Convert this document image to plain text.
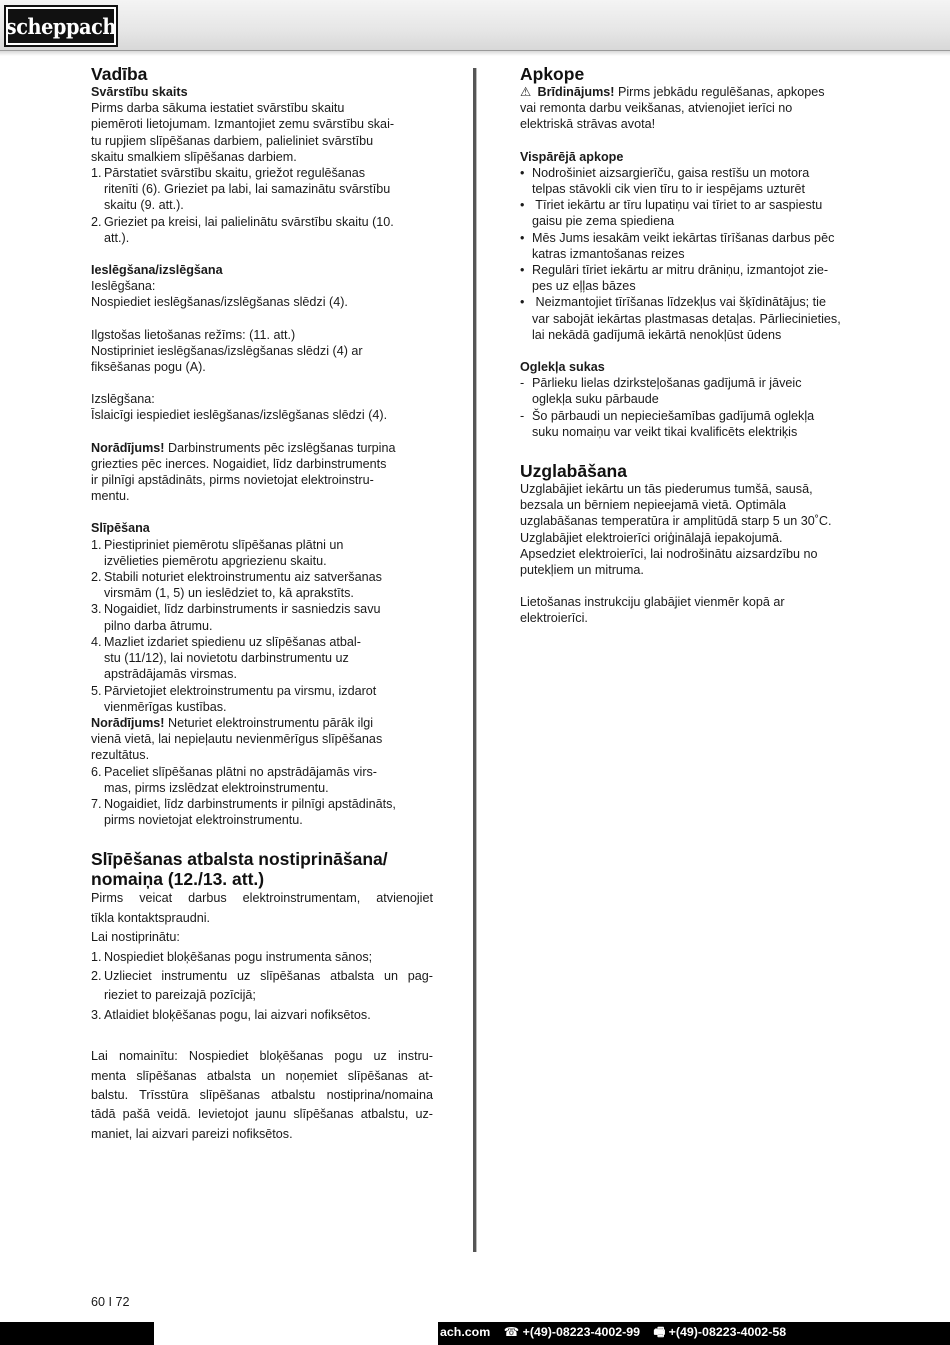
scheppach
Vadība
Svārstību skaits

Pirms darba sākuma iestatiet svārstību skaitu

piemēroti lietojumam. Izmantojiet zemu svārstību skai-

tu rupjiem slīpēšanas darbiem, palieliniet svārstību

skaitu smalkiem slīpēšanas darbiem.

1. Pārstatiet svārstību skaitu, griežot regulēšanas
ritenīti (6). Grieziet pa labi, lai samazinātu svārstību
skaitu (9. att.).
2. Grieziet pa kreisi, lai palielinātu svārstību skaitu (10.
att.).
Ieslēgšana/izslēgšana

Ieslēgšana:

Nospiediet ieslēgšanas/izslēgšanas slēdzi (4).

Ilgstošas lietošanas režīms: (11. att.)

Nostipriniet ieslēgšanas/izslēgšanas slēdzi (4) ar

fiksēšanas pogu (A).

Izslēgšana:

Īslaicīgi iespiediet ieslēgšanas/izslēgšanas slēdzi (4).

Norādījums! Darbinstruments pēc izslēgšanas turpina

griezties pēc inerces. Nogaidiet, līdz darbinstruments

ir pilnīgi apstādināts, pirms novietojat elektroinstru-

mentu.

Slīpēšana
1. Piestipriniet piemērotu slīpēšanas plātni un
izvēlieties piemērotu apgriezienu skaitu.
2. Stabili noturiet elektroinstrumentu aiz satveršanas
virsmām (1, 5) un ieslēdziet to, kā aprakstīts.
3. Nogaidiet, līdz darbinstruments ir sasniedzis savu
pilno darba ātrumu.
4. Mazliet izdariet spiedienu uz slīpēšanas atbal-
stu (11/12), lai novietotu darbinstrumentu uz
apstrādājamās virsmas.
5. Pārvietojiet elektroinstrumentu pa virsmu, izdarot
vienmērīgas kustības.

Norādījums! Neturiet elektroinstrumentu pārāk ilgi

vienā vietā, lai nepieļautu nevienmērīgus slīpēšanas

rezultātus.

6. Paceliet slīpēšanas plātni no apstrādājamās virs-
mas, pirms izslēdzat elektroinstrumentu.
7. Nogaidiet, līdz darbinstruments ir pilnīgi apstādināts,
pirms novietojat elektroinstrumentu.
Slīpēšanas atbalsta nostiprināšana/
nomaiņa (12./13. att.)

Pirms veicat darbus elektroinstrumentam, atvienojiet

tīkla kontaktspraudni.

Lai nostiprinātu:

1. Nospiediet bloķēšanas pogu instrumenta sānos;
2. Uzlieciet instrumentu uz slīpēšanas atbalsta un pag-
rieziet to pareizajā pozīcijā;
3. Atlaidiet bloķēšanas pogu, lai aizvari nofiksētos.

Lai nomainītu: Nospiediet bloķēšanas pogu uz instru-

menta slīpēšanas atbalsta un noņemiet slīpēšanas at-

balstu. Trīsstūra slīpēšanas atbalstu nostiprina/nomaina

tādā pašā veidā. Ievietojot jaunu slīpēšanas atbalstu, uz-

maniet, lai aizvari pareizi nofiksētos.

Apkope

⚠ Brīdinājums! Pirms jebkādu regulēšanas, apkopes

vai remonta darbu veikšanas, atvienojiet ierīci no

elektriskā strāvas avota!

Vispārējā apkope
• Nodrošiniet aizsargierīču, gaisa restīšu un motora
telpas stāvokli cik vien tīru to ir iespējams uzturēt
• Tīriet iekārtu ar tīru lupatiņu vai tīriet to ar saspiestu
gaisu pie zema spiediena
• Mēs Jums iesakām veikt iekārtas tīrīšanas darbus pēc
katras izmantošanas reizes
• Regulāri tīriet iekārtu ar mitru drāniņu, izmantojot zie-
pes uz eļļas bāzes
• Neizmantojiet tīrīšanas līdzekļus vai šķīdinātājus; tie
var sabojāt iekārtas plastmasas detaļas. Pārliecinieties,
lai nekādā gadījumā iekārtā nenokļūst ūdens
Oglekļa sukas
- Pārlieku lielas dzirksteļošanas gadījumā ir jāveic
oglekļa suku pārbaude
- Šo pārbaudi un nepieciešamības gadījumā oglekļa
suku nomaiņu var veikt tikai kvalificēts elektriķis
Uzglabāšana

Uzglabājiet iekārtu un tās piederumus tumšā, sausā,

bezsala un bērniem nepieejamā vietā. Optimāla

uzglabāšanas temperatūra ir amplitūdā starp 5 un 30˚C.

Uzglabājiet elektroierīci oriģinālajā iepakojumā.

Apsedziet elektroierīci, lai nodrošinātu aizsardzību no

putekļiem un mitruma.

Lietošanas instrukciju glabājiet vienmēr kopā ar

elektroierīci.

60 I 72
ach.com ☎ +(49)-08223-4002-99 🖷 +(49)-08223-4002-58
